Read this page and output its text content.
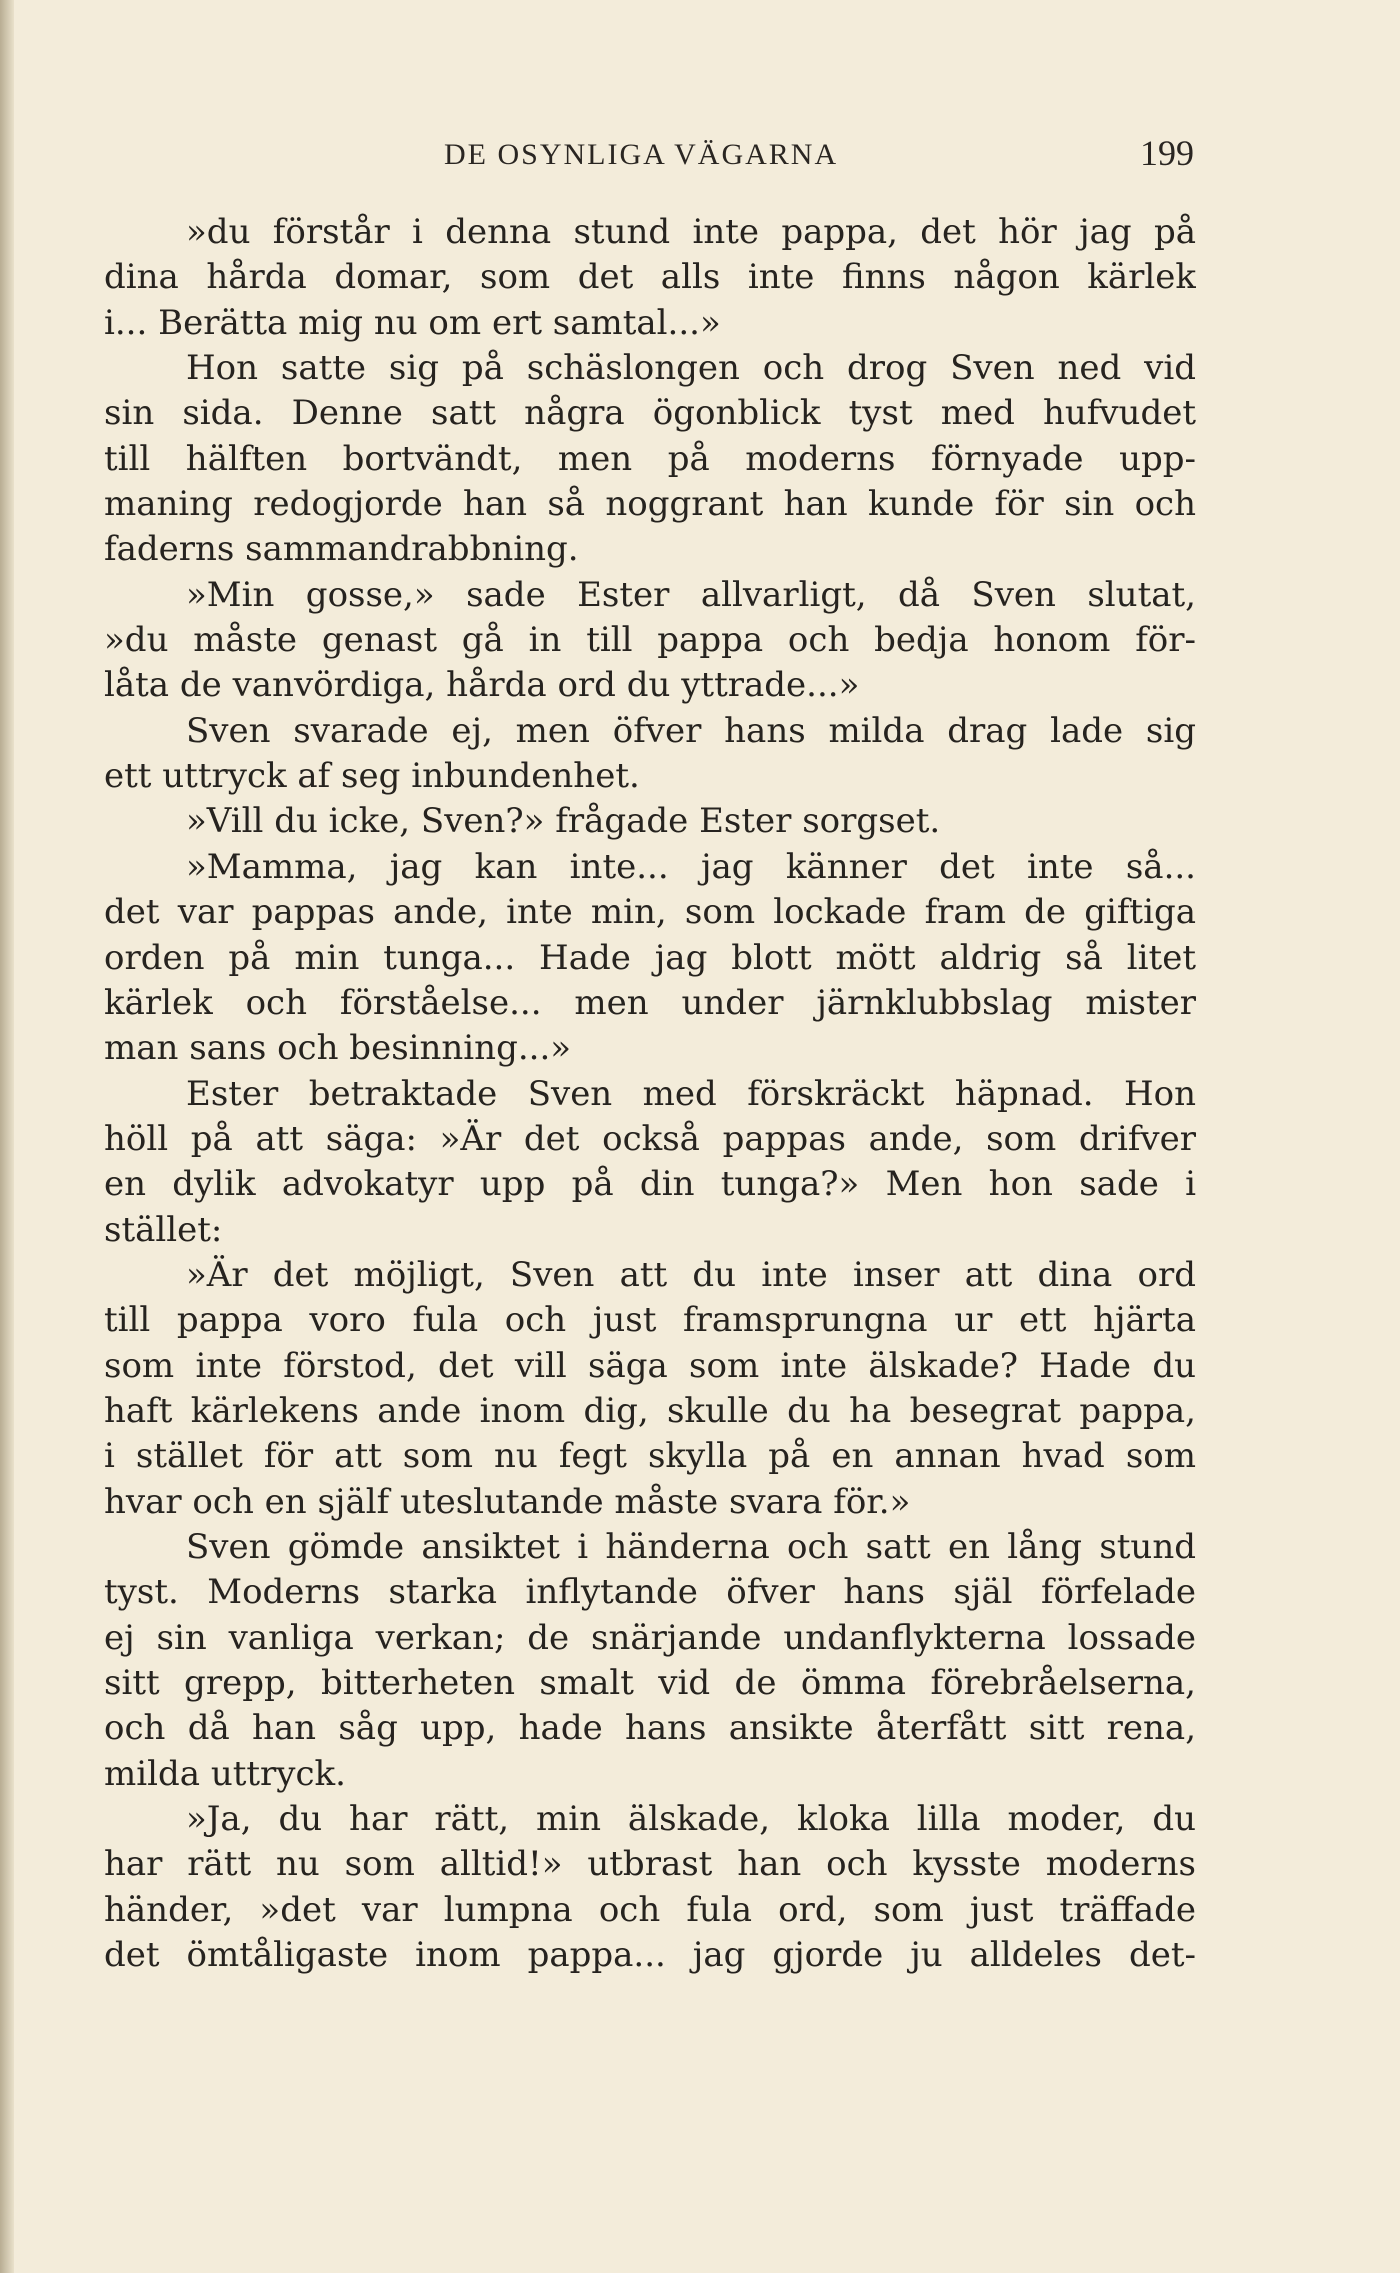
DE OSYNLIGA VÄGARNA	199
»du förstår i denna stund inte pappa, det hör jag på
dina hårda domar, som det alls inte finns någon kärlek
i... Berätta mig nu om ert samtal...»
Hon satte sig på schäslongen och drog Sven ned vid
sin sida. Denne satt några ögonblick tyst med hufvudet
till hälften bortvändt, men på moderns förnyade upp-
maning redogjorde han så noggrant han kunde för sin och
faderns sammandrabbning.
»Min gosse,» sade Ester allvarligt, då Sven slutat,
»du måste genast gå in till pappa och bedja honom för-
låta de vanvördiga, hårda ord du yttrade...»
Sven svarade ej, men öfver hans milda drag lade sig
ett uttryck af seg inbundenhet.
»Vill du icke, Sven?» frågade Ester sorgset.
»Mamma, jag kan inte... jag känner det inte så...
det var pappas ande, inte min, som lockade fram de giftiga
orden på min tunga... Hade jag blott mött aldrig så litet
kärlek och förståelse... men under järnklubbslag mister
man sans och besinning...»
Ester betraktade Sven med förskräckt häpnad. Hon
höll på att säga: »Är det också pappas ande, som drifver
en dylik advokatyr upp på din tunga?» Men hon sade i
stället:
»Är det möjligt, Sven att du inte inser att dina ord
till pappa voro fula och just framsprungna ur ett hjärta
som inte förstod, det vill säga som inte älskade? Hade du
haft kärlekens ande inom dig, skulle du ha besegrat pappa,
i stället för att som nu fegt skylla på en annan hvad som
hvar och en själf uteslutande måste svara för.»
Sven gömde ansiktet i händerna och satt en lång stund
tyst. Moderns starka inflytande öfver hans själ förfelade
ej sin vanliga verkan; de snärjande undanflykterna lossade
sitt grepp, bitterheten smalt vid de ömma förebråelserna,
och då han såg upp, hade hans ansikte återfått sitt rena,
milda uttryck.
»Ja, du har rätt, min älskade, kloka lilla moder, du
har rätt nu som alltid!» utbrast han och kysste moderns
händer, »det var lumpna och fula ord, som just träffade
det ömtåligaste inom pappa... jag gjorde ju alldeles det-
